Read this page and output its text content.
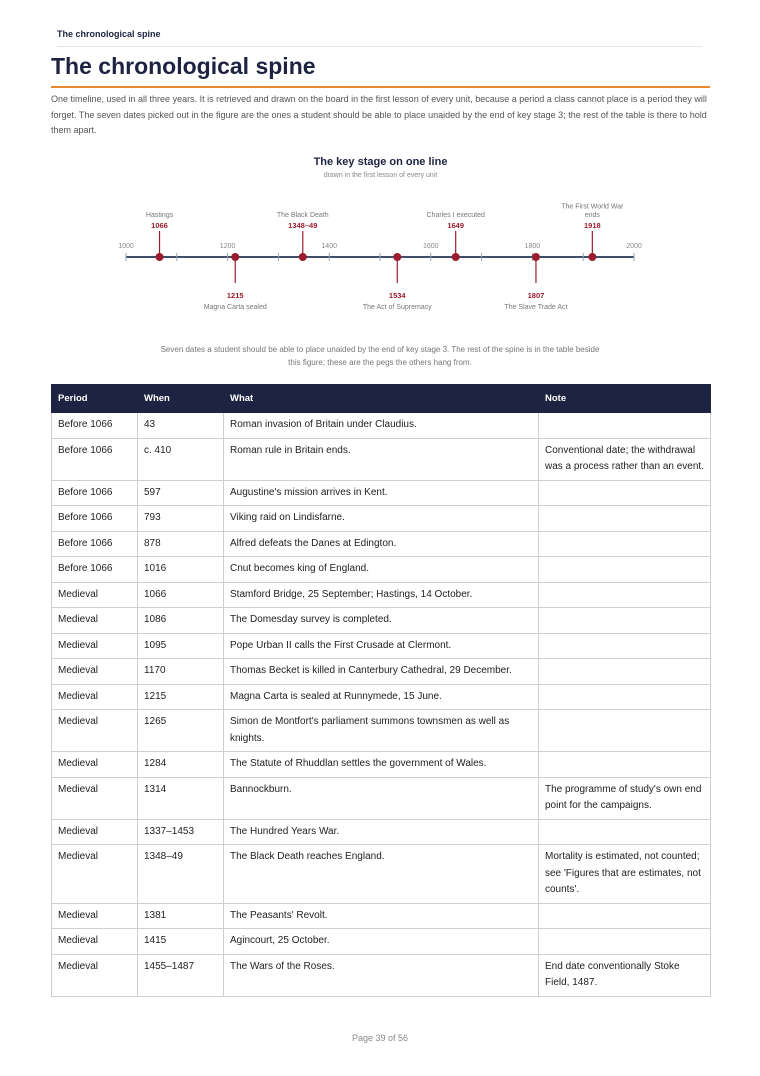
The chronological spine
The chronological spine

One timeline, used in all three years. It is retrieved and drawn on the board in the first lesson of every unit, because a period a class cannot place is a period they will forget. The seven dates picked out in the figure are the ones a student should be able to place unaided by the end of key stage 3; the rest of the table is there to hold them apart.

The key stage on one line
drawn in the first lesson of every unit
1000	1200	1400	1600	1800	2000
1066
Hastings
1215
Magna Carta sealed
1348–49
The Black Death
1534
The Act of Supremacy
1649
Charles I executed
1807
The Slave Trade Act
1918
The First World War
ends
Seven dates a student should be able to place unaided by the end of key stage 3. The rest of the spine is in the table beside this figure; these are the pegs the others hang from.
Period	When	What	Note
Before 1066	43	Roman invasion of Britain under Claudius.	
Before 1066	c. 410	Roman rule in Britain ends.	Conventional date; the withdrawal was a process rather than an event.
Before 1066	597	Augustine's mission arrives in Kent.	
Before 1066	793	Viking raid on Lindisfarne.	
Before 1066	878	Alfred defeats the Danes at Edington.	
Before 1066	1016	Cnut becomes king of England.	
Medieval	1066	Stamford Bridge, 25 September; Hastings, 14 October.	
Medieval	1086	The Domesday survey is completed.	
Medieval	1095	Pope Urban II calls the First Crusade at Clermont.	
Medieval	1170	Thomas Becket is killed in Canterbury Cathedral, 29 December.	
Medieval	1215	Magna Carta is sealed at Runnymede, 15 June.	
Medieval	1265	Simon de Montfort's parliament summons townsmen as well as knights.	
Medieval	1284	The Statute of Rhuddlan settles the government of Wales.	
Medieval	1314	Bannockburn.	The programme of study's own end point for the campaigns.
Medieval	1337–1453	The Hundred Years War.	
Medieval	1348–49	The Black Death reaches England.	Mortality is estimated, not counted; see 'Figures that are estimates, not counts'.
Medieval	1381	The Peasants' Revolt.	
Medieval	1415	Agincourt, 25 October.	
Medieval	1455–1487	The Wars of the Roses.	End date conventionally Stoke Field, 1487.
Page 39 of 56
